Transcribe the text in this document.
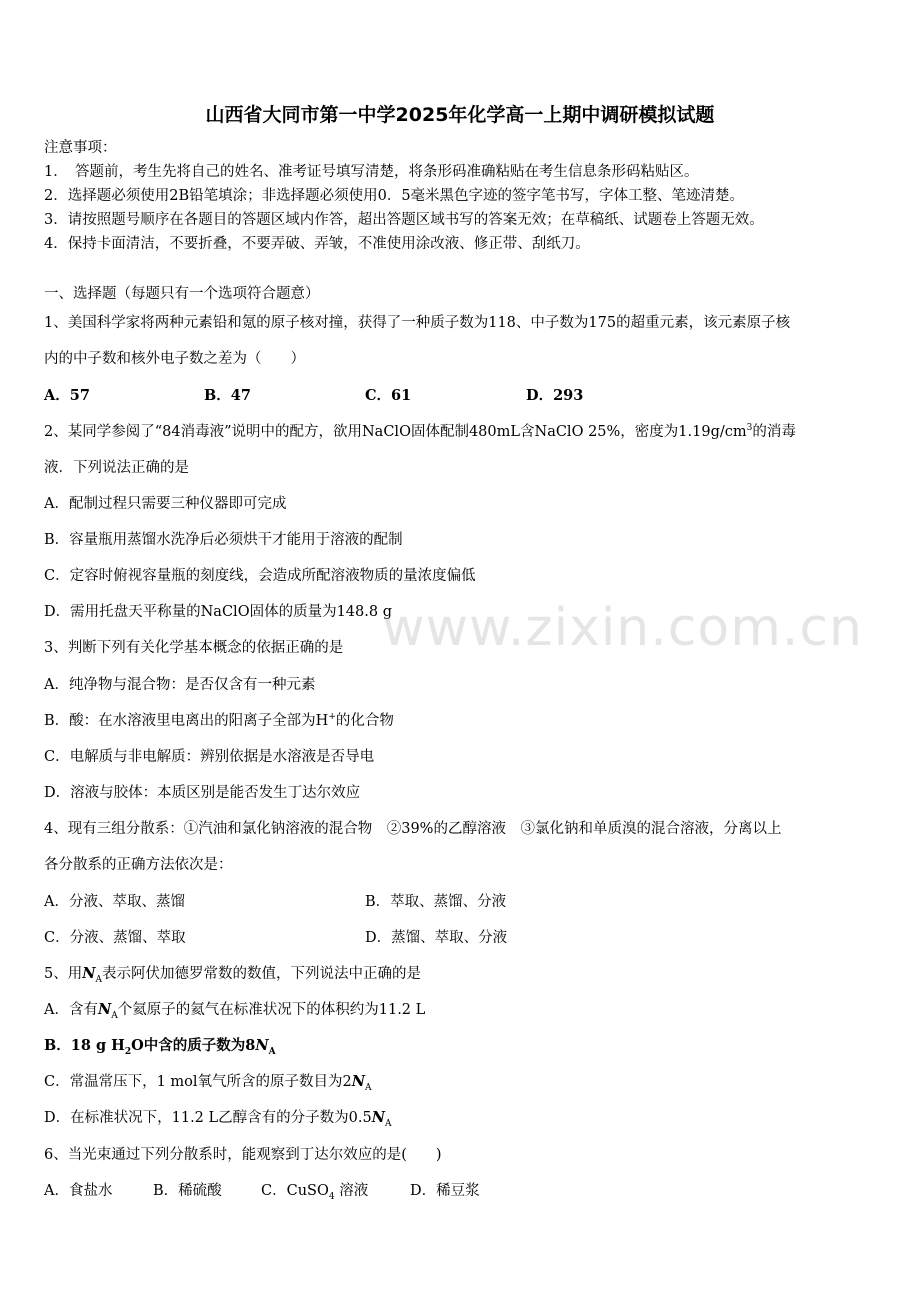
山西省大同市第一中学2025年化学高一上期中调研模拟试题
注意事项：
1．　答题前，考生先将自己的姓名、准考证号填写清楚，将条形码准确粘贴在考生信息条形码粘贴区。
2．选择题必须使用2B铅笔填涂；非选择题必须使用0．5毫米黑色字迹的签字笔书写，字体工整、笔迹清楚。
3．请按照题号顺序在各题目的答题区域内作答，超出答题区域书写的答案无效；在草稿纸、试题卷上答题无效。
4．保持卡面清洁，不要折叠，不要弄破、弄皱，不准使用涂改液、修正带、刮纸刀。
一、选择题（每题只有一个选项符合题意）
1、美国科学家将两种元素铅和氪的原子核对撞，获得了一种质子数为118、中子数为175的超重元素，该元素原子核
内的中子数和核外电子数之差为（　　）
A．57	B．47	C．61	D．293
2、某同学参阅了“84消毒液”说明中的配方，欲用NaClO固体配制480mL含NaClO 25%，密度为$1.19g/cm^3$的消毒
液．下列说法正确的是
A．配制过程只需要三种仪器即可完成
B．容量瓶用蒸馏水洗净后必须烘干才能用于溶液的配制
C．定容时俯视容量瓶的刻度线，会造成所配溶液物质的量浓度偏低
D．需用托盘天平称量的NaClO固体的质量为148.8 g
3、判断下列有关化学基本概念的依据正确的是
A．纯净物与混合物：是否仅含有一种元素
B．酸：在水溶液里电离出的阳离子全部为H+的化合物
C．电解质与非电解质：辨别依据是水溶液是否导电
D．溶液与胶体：本质区别是能否发生丁达尔效应
4、现有三组分散系：①汽油和氯化钠溶液的混合物　②39%的乙醇溶液　③氯化钠和单质溴的混合溶液，分离以上
各分散系的正确方法依次是：
A．分液、萃取、蒸馏	B．萃取、蒸馏、分液
C．分液、蒸馏、萃取	D．蒸馏、萃取、分液
5、用$N_A$表示阿伏加德罗常数的数值，下列说法中正确的是
A．含有$N_A$个氦原子的氦气在标准状况下的体积约为11.2 L
B．18 g $H_2O$中含的质子数为$8N_A$
C．常温常压下，1 mol氧气所含的原子数目为$2N_A$
D．在标准状况下，11.2 L乙醇含有的分子数为$0.5N_A$
6、当光束通过下列分散系时，能观察到丁达尔效应的是(　　)
A．食盐水	B．稀硫酸	C．CuSO$_4$ 溶液	D．稀豆浆
www.zixin.com.cn
